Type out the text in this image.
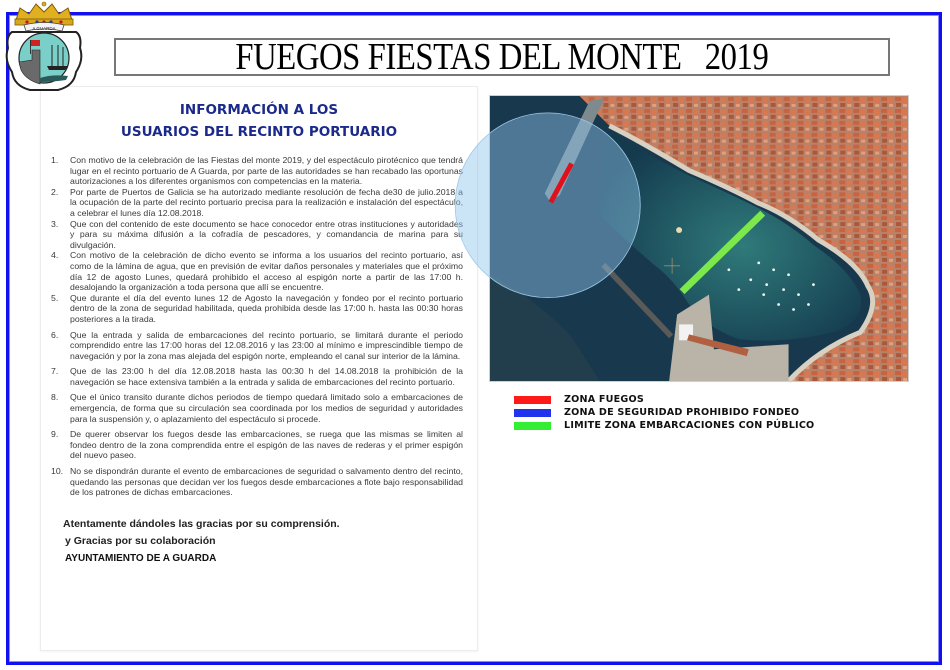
A GUARDA
FUEGOS FIESTAS DEL MONTE   2019
INFORMACIÓN A LOS
USUARIOS DEL RECINTO PORTUARIO
1.	Con motivo de la celebración de las Fiestas del monte 2019, y del espectáculo pirotécnico que tendrá lugar en el recinto portuario de A Guarda, por parte de las autoridades se han recabado las oportunas autorizaciones a los diferentes organismos con competencias en la materia.
2.	Por parte de Puertos de Galicia se ha autorizado mediante resolución de fecha de30 de julio.2018 a la ocupación de la parte del recinto portuario precisa para la realización e instalación del espectáculo, a celebrar el lunes día 12.08.2018.
3.	Que con del contenido de este documento se hace conocedor entre otras instituciones y autoridades y para su máxima difusión a la cofradía de pescadores, y comandancia de marina para su divulgación.
4.	Con motivo de la celebración de dicho evento se informa a los usuarios del recinto portuario, así como de la lámina de agua, que en previsión de evitar daños personales y materiales que el próximo día 12 de agosto Lunes, quedará prohibido el acceso al espigón norte a partir de las 17:00 h. desalojando la organización a toda persona que allí se encuentre.
5.	Que durante el día del evento lunes 12 de Agosto la navegación y fondeo por el recinto portuario dentro de la zona de seguridad habilitada, queda prohibida desde las 17:00 h. hasta las 00:30 horas posteriores a la tirada.
6.	Que la entrada y salida de embarcaciones del recinto portuario, se limitará durante el periodo comprendido entre las 17:00 horas del 12.08.2016 y las 23:00 al mínimo e imprescindible tiempo de navegación y por la zona mas alejada del espigón norte, empleando el canal sur interior de la lámina.
7.	Que de las 23:00 h del día 12.08.2018 hasta las 00:30 h del 14.08.2018 la prohibición de la navegación se hace extensiva también a la entrada y salida de embarcaciones del recinto portuario.
8.	Que el único transito durante dichos periodos de tiempo quedará limitado solo a embarcaciones de emergencia, de forma que su circulación sea coordinada por los medios de seguridad y autoridades para la suspensión y, o aplazamiento del espectáculo si procede.
9.	De querer observar los fuegos desde las embarcaciones, se ruega que las mismas se limiten al fondeo dentro de la zona comprendida entre el espigón de las naves de rederas y el primer espigón del nuevo paseo.
10. No se dispondrán durante el evento de embarcaciones de seguridad o salvamento dentro del recinto, quedando las personas que decidan ver los fuegos desde embarcaciones a flote bajo responsabilidad de los patrones de dichas embarcaciones.
Atentamente dándoles las gracias por su comprensión.
y Gracias por su colaboración
AYUNTAMIENTO DE A GUARDA
ZONA FUEGOS
ZONA DE SEGURIDAD PROHIBIDO FONDEO
LIMITE ZONA EMBARCACIONES CON PÚBLICO
